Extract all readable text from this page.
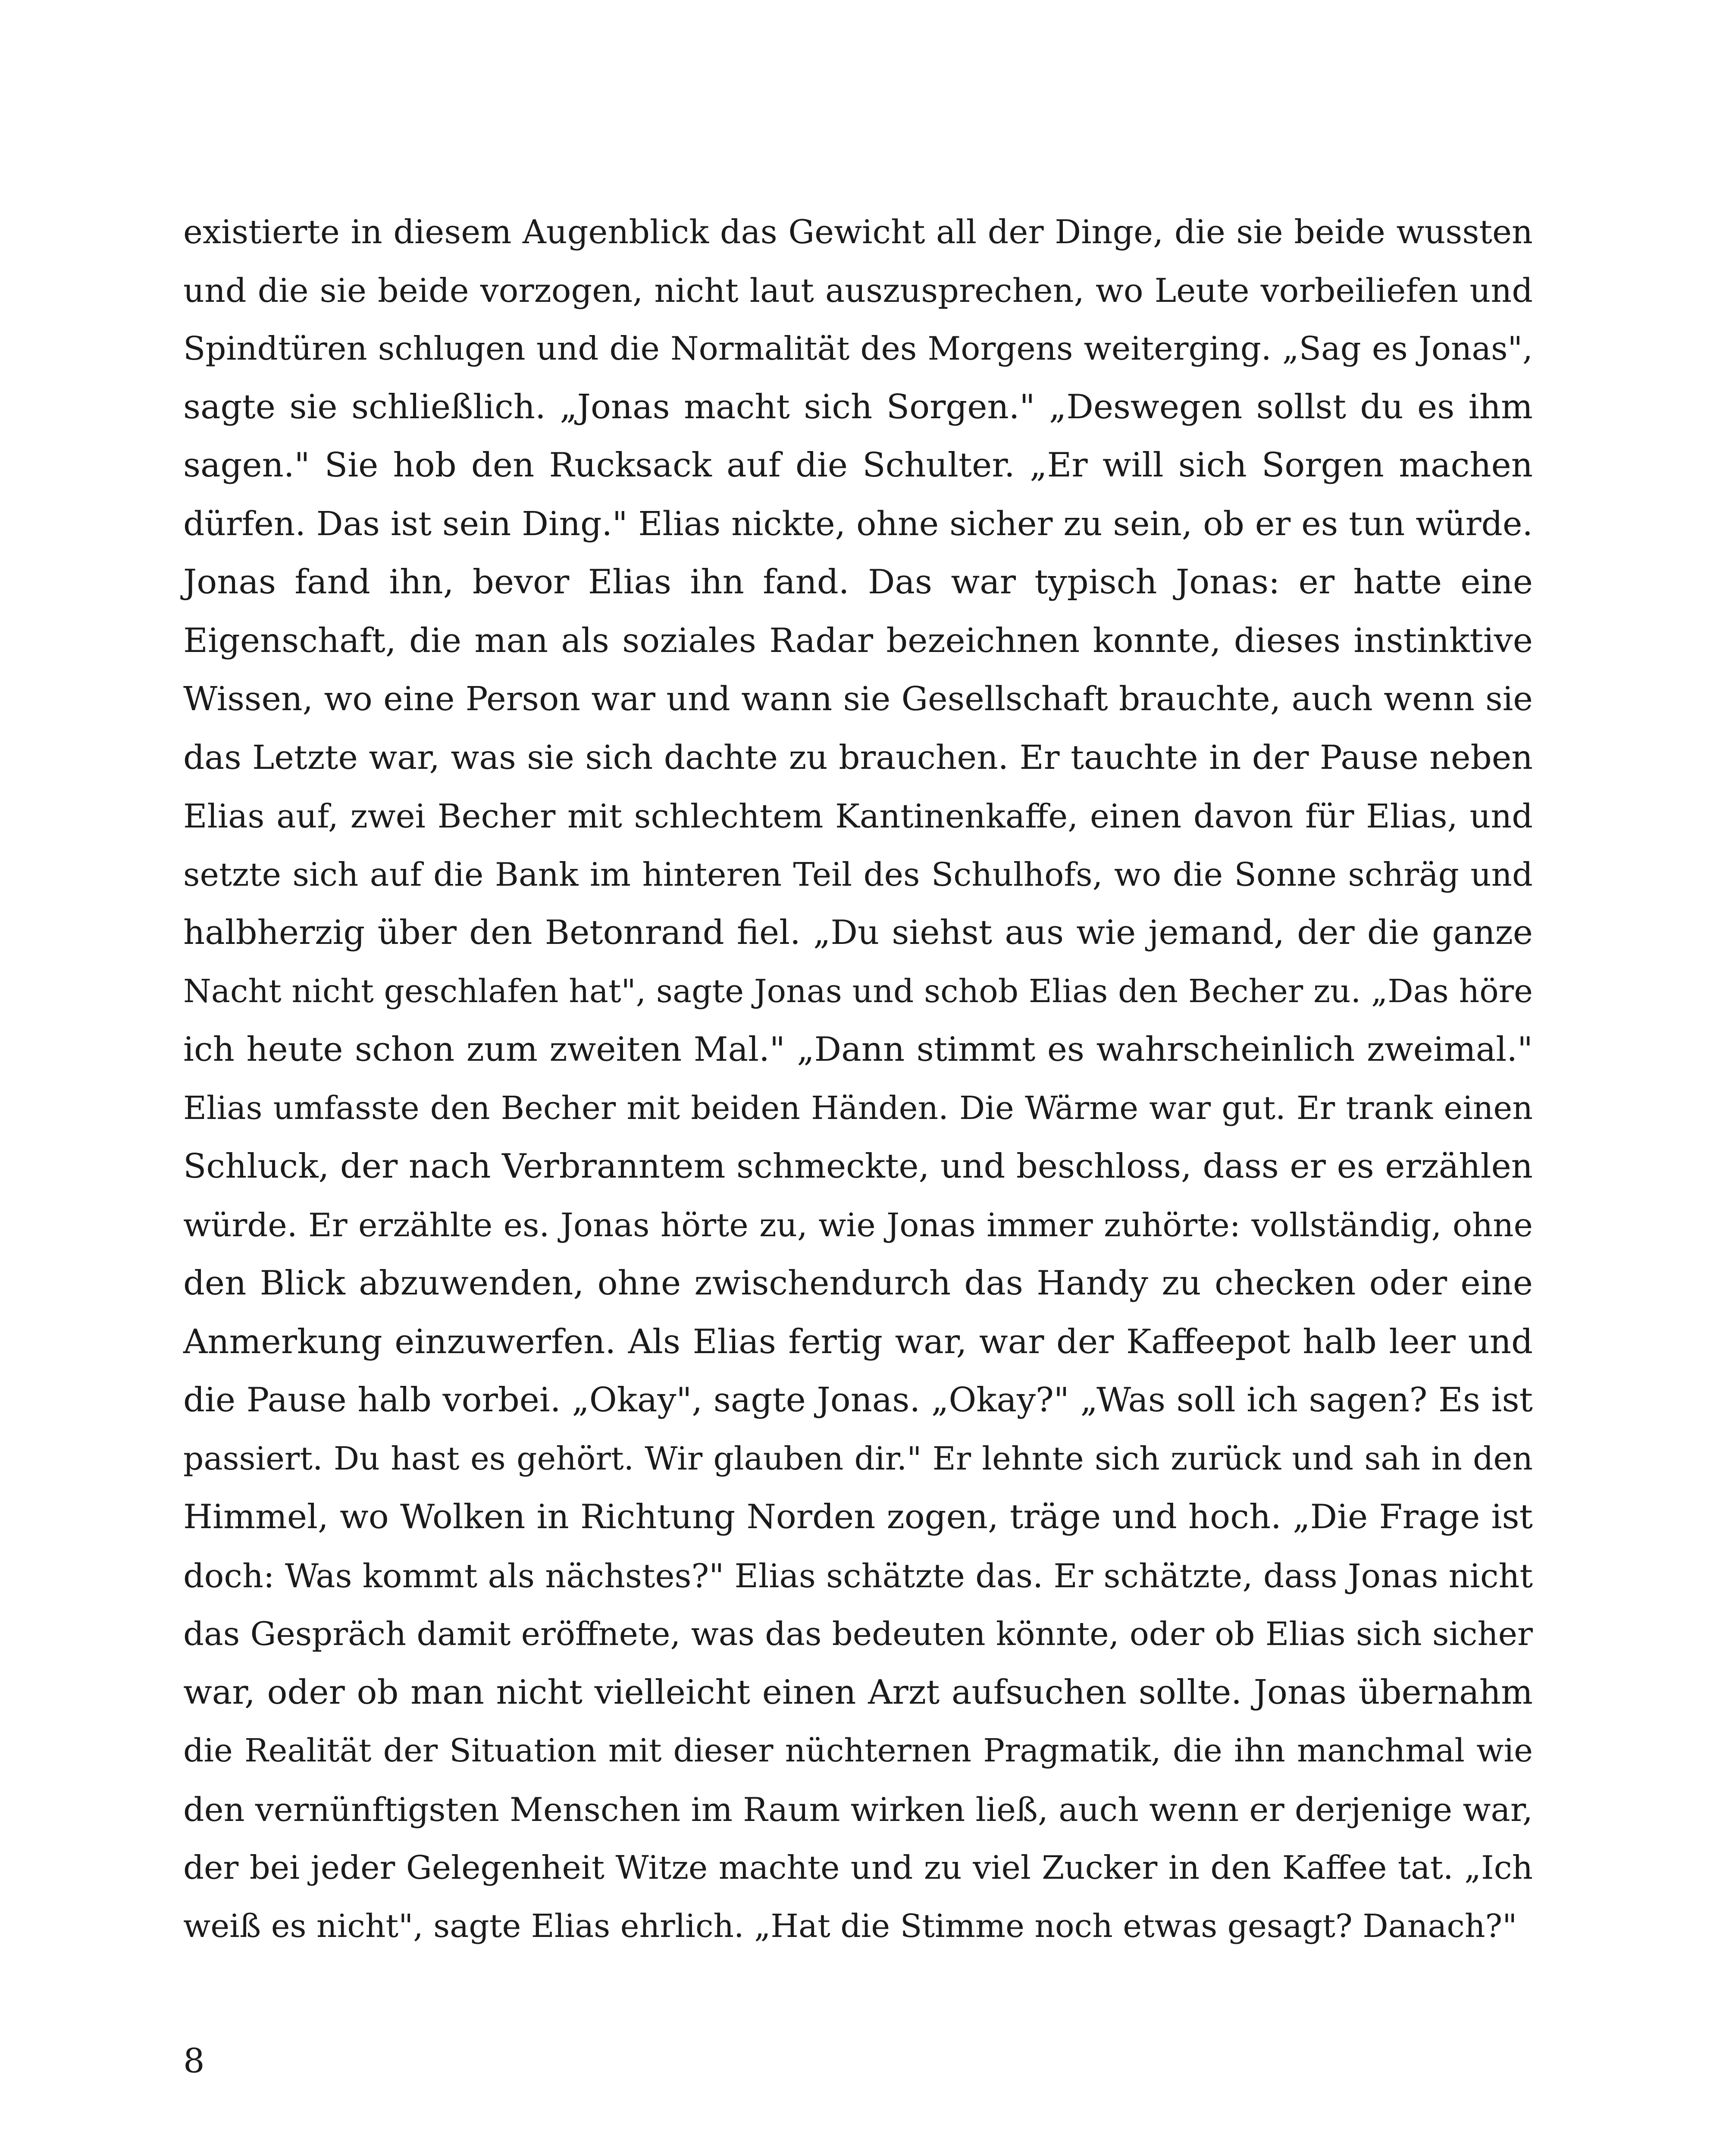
existierte in diesem Augenblick das Gewicht all der Dinge, die sie beide wussten
und die sie beide vorzogen, nicht laut auszusprechen, wo Leute vorbeiliefen und
Spindtüren schlugen und die Normalität des Morgens weiterging. „Sag es Jonas",
sagte sie schließlich. „Jonas macht sich Sorgen." „Deswegen sollst du es ihm
sagen." Sie hob den Rucksack auf die Schulter. „Er will sich Sorgen machen
dürfen. Das ist sein Ding." Elias nickte, ohne sicher zu sein, ob er es tun würde.
Jonas fand ihn, bevor Elias ihn fand. Das war typisch Jonas: er hatte eine
Eigenschaft, die man als soziales Radar bezeichnen konnte, dieses instinktive
Wissen, wo eine Person war und wann sie Gesellschaft brauchte, auch wenn sie
das Letzte war, was sie sich dachte zu brauchen. Er tauchte in der Pause neben
Elias auf, zwei Becher mit schlechtem Kantinenkaffe, einen davon für Elias, und
setzte sich auf die Bank im hinteren Teil des Schulhofs, wo die Sonne schräg und
halbherzig über den Betonrand fiel. „Du siehst aus wie jemand, der die ganze
Nacht nicht geschlafen hat", sagte Jonas und schob Elias den Becher zu. „Das höre
ich heute schon zum zweiten Mal." „Dann stimmt es wahrscheinlich zweimal."
Elias umfasste den Becher mit beiden Händen. Die Wärme war gut. Er trank einen
Schluck, der nach Verbranntem schmeckte, und beschloss, dass er es erzählen
würde. Er erzählte es. Jonas hörte zu, wie Jonas immer zuhörte: vollständig, ohne
den Blick abzuwenden, ohne zwischendurch das Handy zu checken oder eine
Anmerkung einzuwerfen. Als Elias fertig war, war der Kaffeepot halb leer und
die Pause halb vorbei. „Okay", sagte Jonas. „Okay?" „Was soll ich sagen? Es ist
passiert. Du hast es gehört. Wir glauben dir." Er lehnte sich zurück und sah in den
Himmel, wo Wolken in Richtung Norden zogen, träge und hoch. „Die Frage ist
doch: Was kommt als nächstes?" Elias schätzte das. Er schätzte, dass Jonas nicht
das Gespräch damit eröffnete, was das bedeuten könnte, oder ob Elias sich sicher
war, oder ob man nicht vielleicht einen Arzt aufsuchen sollte. Jonas übernahm
die Realität der Situation mit dieser nüchternen Pragmatik, die ihn manchmal wie
den vernünftigsten Menschen im Raum wirken ließ, auch wenn er derjenige war,
der bei jeder Gelegenheit Witze machte und zu viel Zucker in den Kaffee tat. „Ich
weiß es nicht", sagte Elias ehrlich. „Hat die Stimme noch etwas gesagt? Danach?"
8
